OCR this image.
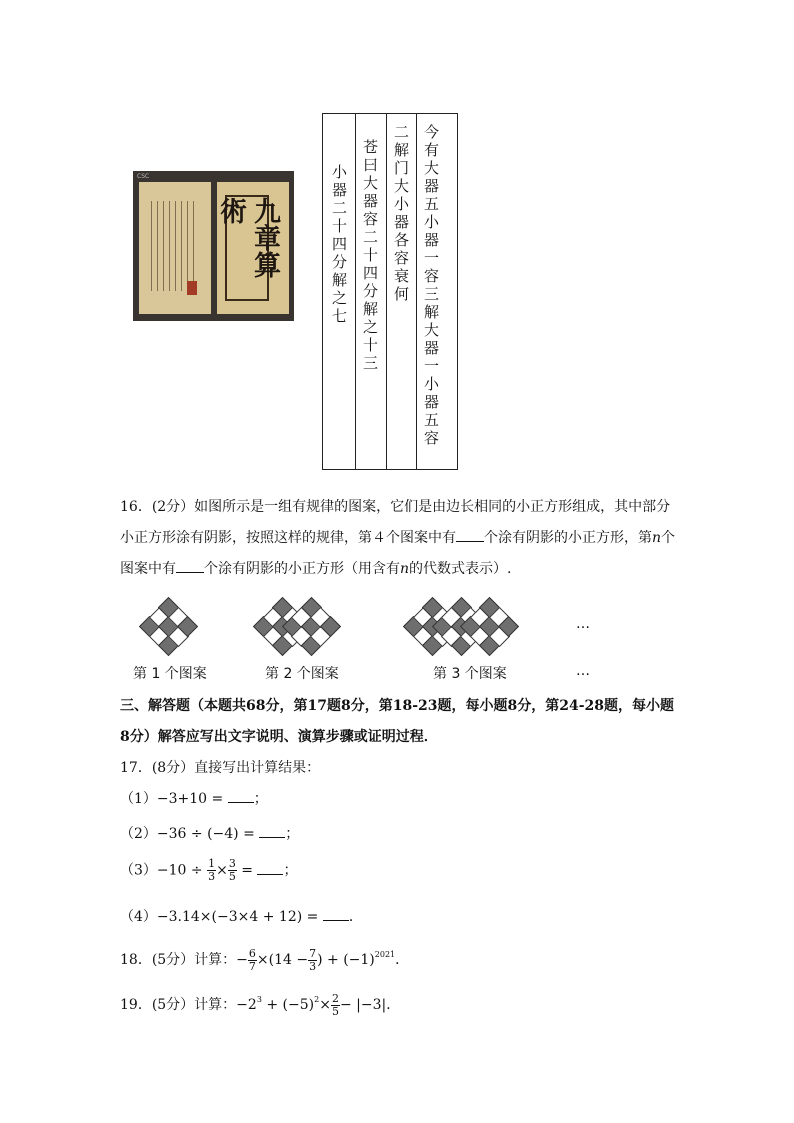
CSC
九章算術	今有大器五小器一容三解大器一小器五容
二解门大小器各容衰何
苍曰大器容二十四分解之十三
小器二十四分解之七
16．(2分）如图所示是一组有规律的图案，它们是由边长相同的小正方形组成，其中部分
小正方形涂有阴影，按照这样的规律，第４个图案中有 个涂有阴影的小正方形，第n个
图案中有 个涂有阴影的小正方形（用含有n的代数式表示）.
…
第 1 个图案	第 2 个图案	第 3 个图案	…
三、解答题（本题共68分，第17题8分，第18-23题，每小题8分，第24-28题，每小题
8分）解答应写出文字说明、演算步骤或证明过程．
17．(8分）直接写出计算结果：
（1）−3+10 = ；
（2）−36 ÷ (−4) = ；
$(3)-10 \div \frac{1}{3} \times \frac{3}{5}$ = ；
（4）−3.14×(−3×4 + 12) = ．
18．(5分）计算：− $\frac{6}{7} \times(14 - \frac{7}{3}$ ) + $(-1)^{2021}$．
19．(5分）计算：$-2^3 + (-5)^2\times \frac{2}{5} - |-3|$．
